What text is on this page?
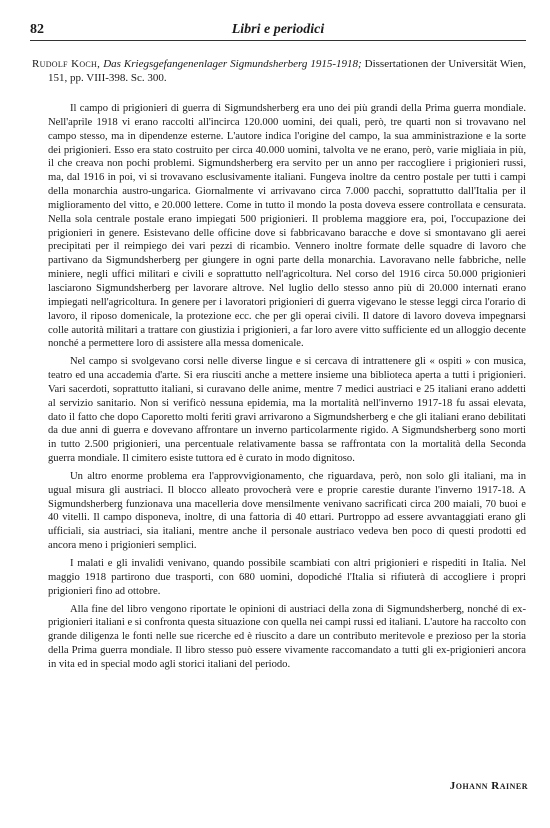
82	Libri e periodici
Rudolf Koch, Das Kriegsgefangenenlager Sigmundsherberg 1915-1918; Dissertationen der Universität Wien, 151, pp. VIII-398. Sc. 300.

Il campo di prigionieri di guerra di Sigmundsherberg era uno dei più grandi della Prima guerra mondiale. Nell'aprile 1918 vi erano raccolti all'incirca 120.000 uomini, dei quali, però, tre quarti non si trovavano nel campo stesso, ma in dipendenze esterne. L'autore indica l'origine del campo, la sua amministrazione e la sorte dei prigionieri. Esso era stato costruito per circa 40.000 uomini, talvolta ve ne erano, però, varie migliaia in più, il che creava non pochi problemi. Sigmundsherberg era servito per un anno per raccogliere i prigionieri russi, ma, dal 1916 in poi, vi si trovavano esclusivamente italiani. Fungeva inoltre da centro postale per tutti i campi della monarchia austro-ungarica. Giornalmente vi arrivavano circa 7.000 pacchi, soprattutto dall'Italia per il miglioramento del vitto, e 20.000 lettere. Come in tutto il mondo la posta doveva essere controllata e censurata. Nella sola centrale postale erano impiegati 500 prigionieri. Il problema maggiore era, poi, l'occupazione dei prigionieri in genere. Esistevano delle officine dove si fabbricavano baracche e dove si smontavano gli aerei precipitati per il reimpiego dei vari pezzi di ricambio. Vennero inoltre formate delle squadre di lavoro che partivano da Sigmundsherberg per giungere in ogni parte della monarchia. Lavoravano nelle fabbriche, nelle miniere, negli uffici militari e civili e soprattutto nell'agricoltura. Nel corso del 1916 circa 50.000 prigionieri lasciarono Sigmundsherberg per lavorare altrove. Nel luglio dello stesso anno più di 20.000 internati erano impiegati nell'agricoltura. In genere per i lavoratori prigionieri di guerra vigevano le stesse leggi circa l'orario di lavoro, il riposo domenicale, la protezione ecc. che per gli operai civili. Il datore di lavoro doveva impegnarsi colle autorità militari a trattare con giustizia i prigionieri, a far loro avere vitto sufficiente ed un alloggio decente nonché a permettere loro di assistere alla messa domenicale.

Nel campo si svolgevano corsi nelle diverse lingue e si cercava di intrattenere gli « ospiti » con musica, teatro ed una accademia d'arte. Si era riusciti anche a mettere insieme una biblioteca aperta a tutti i prigionieri. Vari sacerdoti, soprattutto italiani, si curavano delle anime, mentre 7 medici austriaci e 25 italiani erano addetti al servizio sanitario. Non si verificò nessuna epidemia, ma la mortalità nell'inverno 1917-18 fu assai elevata, dato il fatto che dopo Caporetto molti feriti gravi arrivarono a Sigmundsherberg e che gli italiani erano debilitati da due anni di guerra e dovevano affrontare un inverno particolarmente rigido. A Sigmundsherberg sono morti in tutto 2.500 prigionieri, una percentuale relativamente bassa se raffrontata con la mortalità della Seconda guerra mondiale. Il cimitero esiste tuttora ed è curato in modo dignitoso.

Un altro enorme problema era l'approvvigionamento, che riguardava, però, non solo gli italiani, ma in ugual misura gli austriaci. Il blocco alleato provocherà vere e proprie carestie durante l'inverno 1917-18. A Sigmundsherberg funzionava una macelleria dove mensilmente venivano sacrificati circa 200 maiali, 70 buoi e 40 vitelli. Il campo disponeva, inoltre, di una fattoria di 40 ettari. Purtroppo ad essere avvantaggiati erano gli ufficiali, sia austriaci, sia italiani, mentre anche il personale austriaco vedeva ben poco di questi prodotti ed ancora meno i prigionieri semplici.

I malati e gli invalidi venivano, quando possibile scambiati con altri prigionieri e rispediti in Italia. Nel maggio 1918 partirono due trasporti, con 680 uomini, dopodiché l'Italia si rifiuterà di accogliere i propri prigionieri fino ad ottobre.

Alla fine del libro vengono riportate le opinioni di austriaci della zona di Sigmundsherberg, nonché di ex-prigionieri italiani e si confronta questa situazione con quella nei campi russi ed italiani. L'autore ha raccolto con grande diligenza le fonti nelle sue ricerche ed è riuscito a dare un contributo meritevole e prezioso per la storia della Prima guerra mondiale. Il libro stesso può essere vivamente raccomandato a tutti gli ex-prigionieri ancora in vita ed in special modo agli storici italiani del periodo.

Johann Rainer
